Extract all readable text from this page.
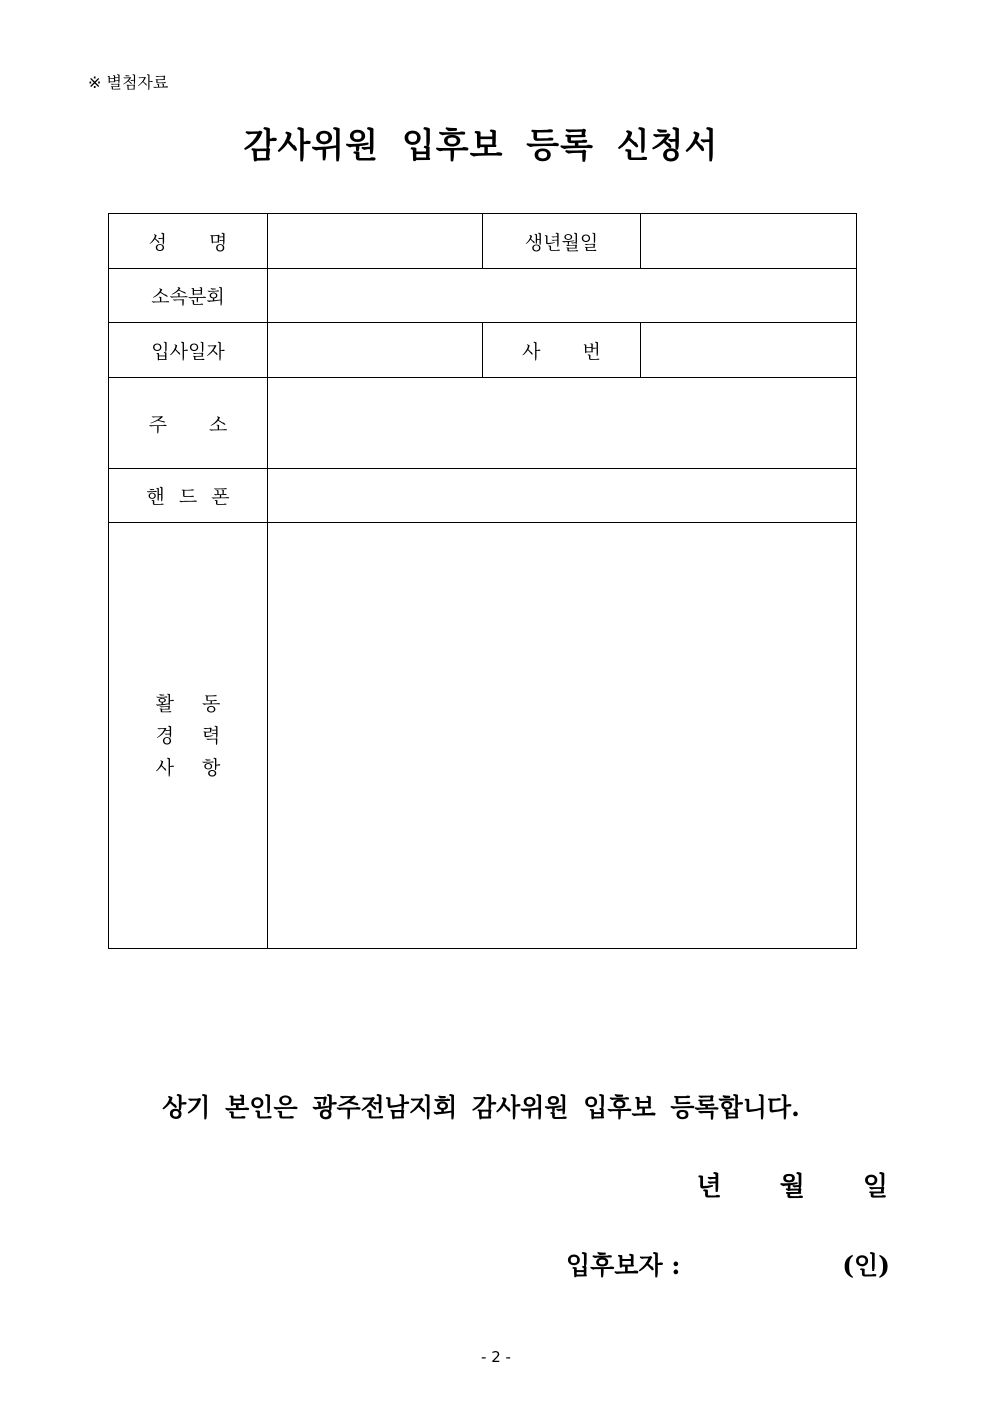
※ 별첨자료
감사위원 입후보 등록 신청서
성 명		생년월일	
소속분회			
입사일자		사 번	
주 소			
핸 드 폰			

활 동
경 력
사 항			

상기 본인은 광주전남지회 감사위원 입후보 등록합니다.
년 월 일
입후보자 :	(인)
- 2 -
